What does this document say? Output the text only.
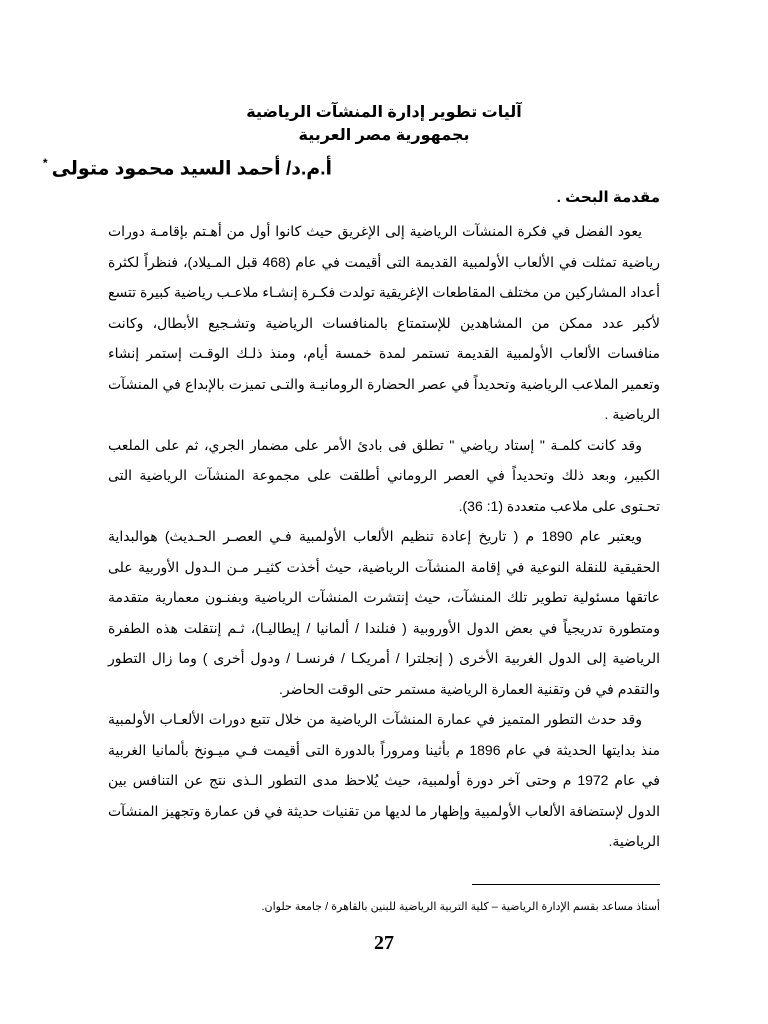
آليات تطوير إدارة المنشآت الرياضية
بجمهورية مصر العربية
أ.م.د/ أحمد السيد محمود متولى*
مقدمة البحث .

يعود الفضل في فكرة المنشآت الرياضية إلى الإغريق حيث كانوا أول من أهـتم بإقامـة دورات رياضية تمثلت في الألعاب الأولمبية القديمة التى أقيمت في عام (468 قبل المـيلاد)، فنظراً لكثرة أعداد المشاركين من مختلف المقاطعات الإغريقية تولدت فكـرة إنشـاء ملاعـب رياضية كبيرة تتسع لأكبر عدد ممكن من المشاهدين للإستمتاع بالمنافسات الرياضية وتشـجيع الأبطال، وكانت منافسات الألعاب الأولمبية القديمة تستمر لمدة خمسة أيام، ومنذ ذلـك الوقـت إستمر إنشاء وتعمير الملاعب الرياضية وتحديداً في عصر الحضارة الرومانيـة والتـى تميزت بالإبداع في المنشآت الرياضية .

وقد كانت كلمـة " إستاد رياضي " تطلق فى بادئ الأمر على مضمار الجري، ثم على الملعب الكبير، وبعد ذلك وتحديداً في العصر الروماني أطلقت على مجموعة المنشآت الرياضية التى تحـتوى على ملاعب متعددة (1: 36).

ويعتبر عام 1890 م ( تاريخ إعادة تنظيم الألعاب الأولمبية فـي العصـر الحـديث) هوالبداية الحقيقية للنقلة النوعية في إقامة المنشآت الرياضية، حيث أخذت كثيـر مـن الـدول الأوربية على عاتقها مسئولية تطوير تلك المنشآت، حيث إنتشرت المنشآت الرياضية وبفنـون معمارية متقدمة ومتطورة تدريجياً في بعض الدول الأوروبية ( فنلندا / ألمانيا / إيطاليـا)، ثـم إنتقلت هذه الطفرة الرياضية إلى الدول الغربية الأخرى ( إنجلترا / أمريكـا / فرنسـا / ودول أخرى ) وما زال التطور والتقدم في فن وتقنية العمارة الرياضية مستمر حتى الوقت الحاضر.

وقد حدث التطور المتميز في عمارة المنشآت الرياضية من خلال تتبع دورات الألعـاب الأولمبية منذ بدايتها الحديثة في عام 1896 م بأثينا ومروراً بالدورة التى أقيمت فـي ميـونخ بألمانيا الغربية في عام 1972 م وحتى آخر دورة أولمبية، حيث يُلاحظ مدى التطور الـذى نتج عن التنافس بين الدول لإستضافة الألعاب الأولمبية وإظهار ما لديها من تقنيات حديثة في فن عمارة وتجهيز المنشآت الرياضية.

أستاذ مساعد بقسم الإدارة الرياضية – كلية التربية الرياضية للبنين بالقاهرة / جامعة حلوان.
27
